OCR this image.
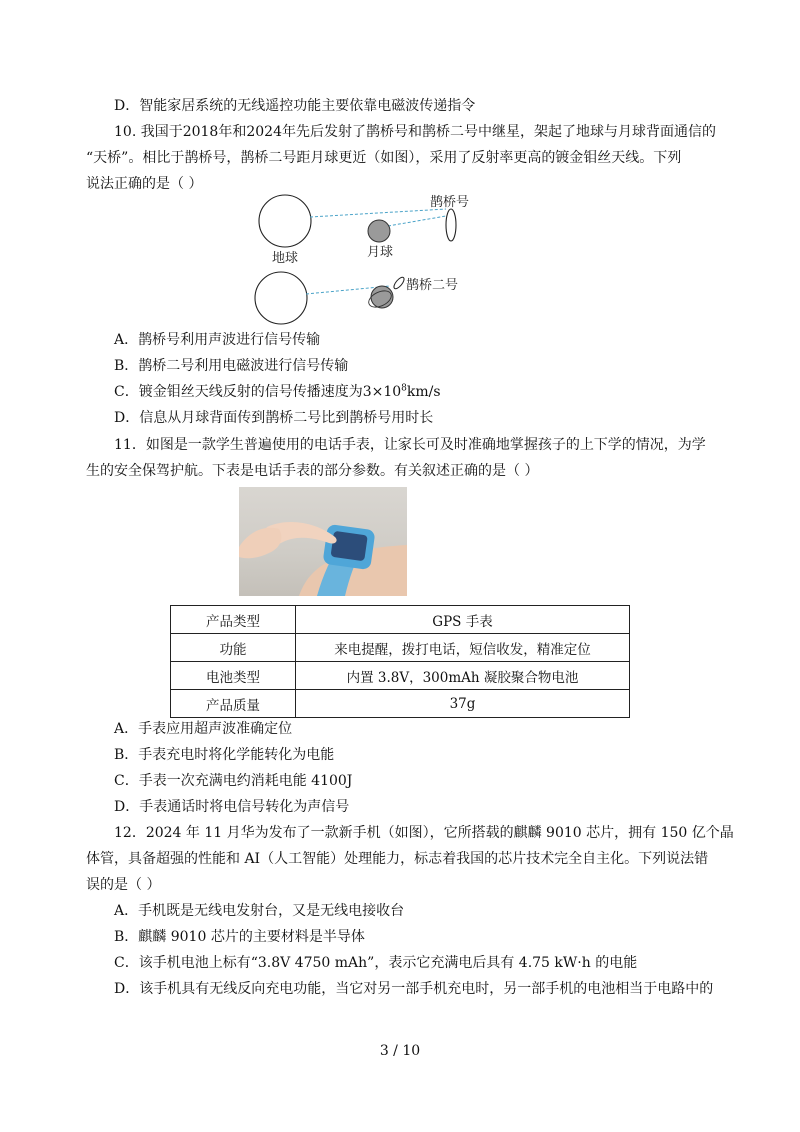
D．智能家居系统的无线遥控功能主要依靠电磁波传递指令
10. 我国于2018年和2024年先后发射了鹊桥号和鹊桥二号中继星，架起了地球与月球背面通信的
“天桥”。相比于鹊桥号，鹊桥二号距月球更近（如图），采用了反射率更高的镀金钼丝天线。下列
说法正确的是（ ）
鹊桥号
月球
地球
鹊桥二号
A．鹊桥号利用声波进行信号传输
B．鹊桥二号利用电磁波进行信号传输
C．镀金钼丝天线反射的信号传播速度为$3\times 10^8km/s$
D．信息从月球背面传到鹊桥二号比到鹊桥号用时长
11．如图是一款学生普遍使用的电话手表，让家长可及时准确地掌握孩子的上下学的情况，为学
生的安全保驾护航。下表是电话手表的部分参数。有关叙述正确的是（ ）
产品类型	GPS 手表
功能	来电提醒，拨打电话，短信收发，精准定位
电池类型	内置 3.8V，300mAh 凝胶聚合物电池
产品质量	37g
A．手表应用超声波准确定位
B．手表充电时将化学能转化为电能
C．手表一次充满电约消耗电能 4100J
D．手表通话时将电信号转化为声信号
12．2024 年 11 月华为发布了一款新手机（如图），它所搭载的麒麟 9010 芯片，拥有 150 亿个晶
体管，具备超强的性能和 AI（人工智能）处理能力，标志着我国的芯片技术完全自主化。下列说法错
误的是（ ）
A．手机既是无线电发射台，又是无线电接收台
B．麒麟 9010 芯片的主要材料是半导体
C．该手机电池上标有“3.8V 4750 mAh”，表示它充满电后具有 4.75 kW·h 的电能
D．该手机具有无线反向充电功能，当它对另一部手机充电时，另一部手机的电池相当于电路中的
3 / 10
